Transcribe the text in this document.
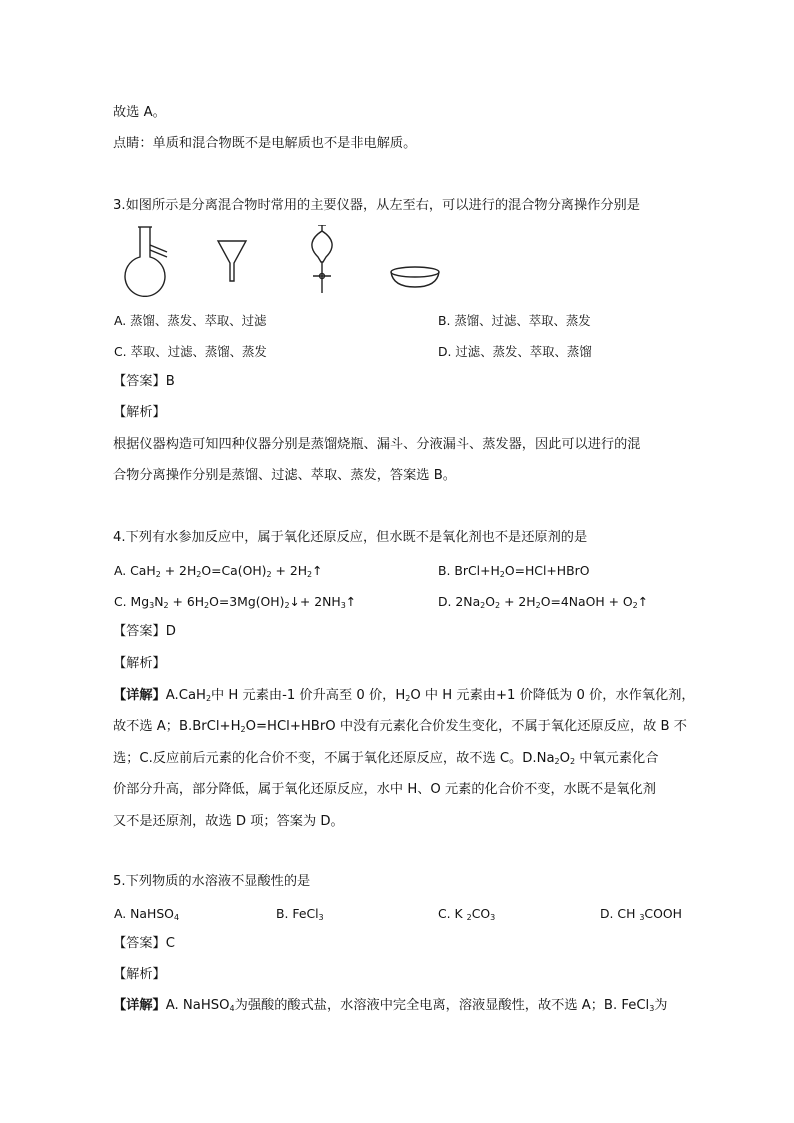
故选 A。
点睛：单质和混合物既不是电解质也不是非电解质。
3.如图所示是分离混合物时常用的主要仪器，从左至右，可以进行的混合物分离操作分别是
A. 蒸馏、蒸发、萃取、过滤	B. 蒸馏、过滤、萃取、蒸发
C. 萃取、过滤、蒸馏、蒸发	D. 过滤、蒸发、萃取、蒸馏
【答案】B
【解析】
根据仪器构造可知四种仪器分别是蒸馏烧瓶、漏斗、分液漏斗、蒸发器，因此可以进行的混
合物分离操作分别是蒸馏、过滤、萃取、蒸发，答案选 B。
4.下列有水参加反应中，属于氧化还原反应，但水既不是氧化剂也不是还原剂的是
A. $CaH_2 + 2H_2O=Ca(OH)_2$ + $2H_2↑$	B. $BrCl+H_2O=HCl+HBrO$
C. $Mg_3N_2$ + $6H_2O=3Mg(OH)_2↓+$ $2NH_3↑$	D. $2Na_2O_2$ + $2H_2O=4NaOH$ + $O_2↑$
【答案】D
【解析】
【详解】A.CaH$_2$中 H 元素由-1 价升高至 0 价，$H_2O$ 中 H 元素由+1 价降低为 0 价，水作氧化剂，
故不选 A；$B.BrCl+H_2O=HCl+HBrO$ 中没有元素化合价发生变化，不属于氧化还原反应，故 B 不
选；C.反应前后元素的化合价不变，不属于氧化还原反应，故不选 C。$D.Na_2O_2$ 中氧元素化合
价部分升高，部分降低，属于氧化还原反应，水中 H、O 元素的化合价不变，水既不是氧化剂
又不是还原剂，故选 D 项；答案为 D。
5.下列物质的水溶液不显酸性的是
A. NaHSO$_4$	B. FeCl$_3$	C. K $_2CO_3$	D. CH $_3$COOH
【答案】C
【解析】
【详解】A. NaHSO$_4$为强酸的酸式盐，水溶液中完全电离，溶液显酸性，故不选 A；B. FeCl$_3$为
